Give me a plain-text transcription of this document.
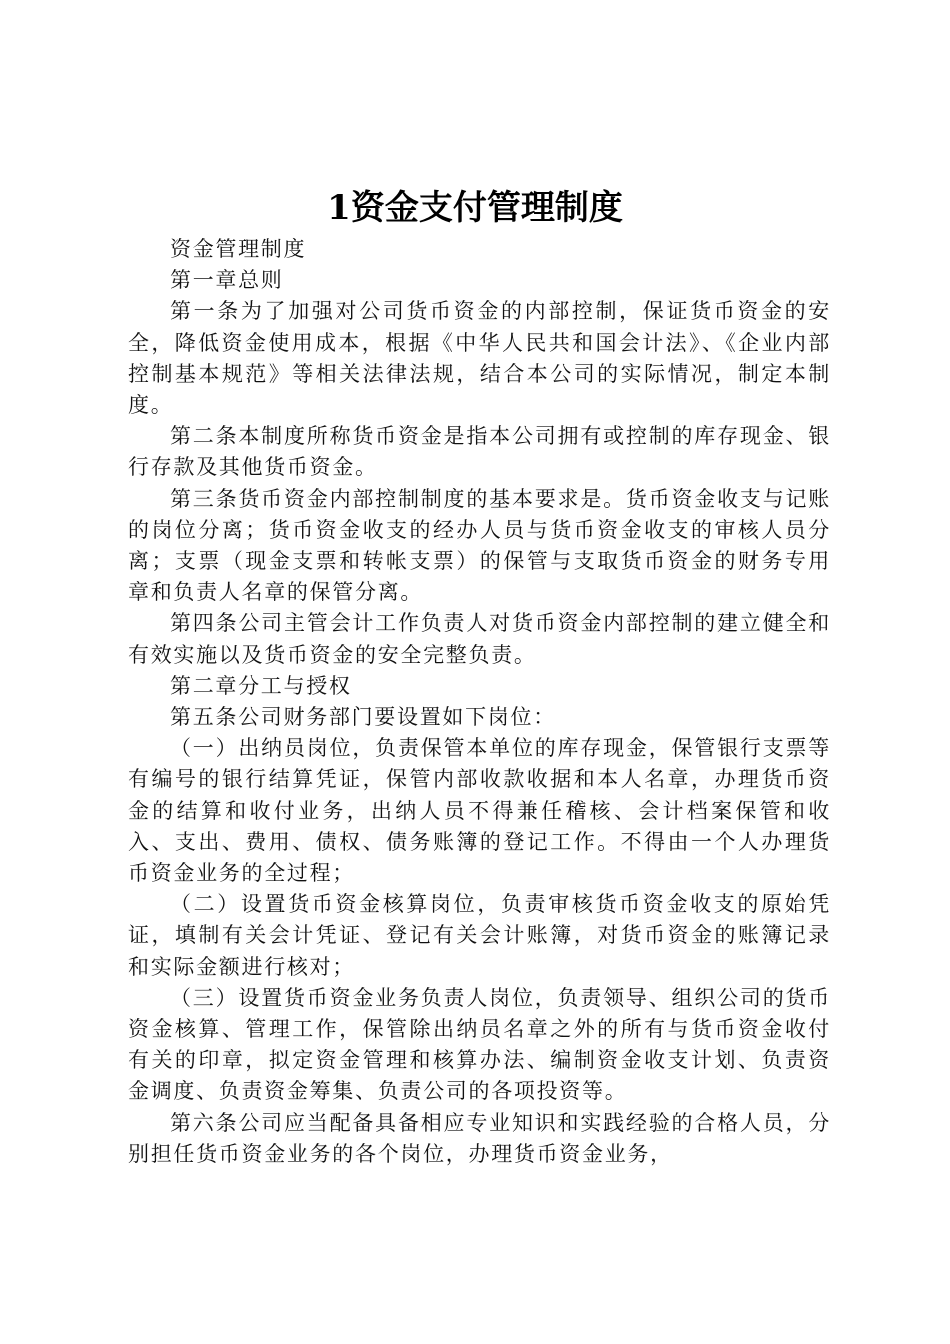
1资金支付管理制度

资金管理制度

第一章总则

第一条为了加强对公司货币资金的内部控制，保证货币资金的安全，降低资金使用成本，根据《中华人民共和国会计法》、《企业内部控制基本规范》等相关法律法规，结合本公司的实际情况，制定本制度。

第二条本制度所称货币资金是指本公司拥有或控制的库存现金、银行存款及其他货币资金。

第三条货币资金内部控制制度的基本要求是。货币资金收支与记账的岗位分离；货币资金收支的经办人员与货币资金收支的审核人员分离；支票（现金支票和转帐支票）的保管与支取货币资金的财务专用章和负责人名章的保管分离。

第四条公司主管会计工作负责人对货币资金内部控制的建立健全和有效实施以及货币资金的安全完整负责。

第二章分工与授权

第五条公司财务部门要设置如下岗位：

（一）出纳员岗位，负责保管本单位的库存现金，保管银行支票等有编号的银行结算凭证，保管内部收款收据和本人名章，办理货币资金的结算和收付业务，出纳人员不得兼任稽核、会计档案保管和收入、支出、费用、债权、债务账簿的登记工作。不得由一个人办理货币资金业务的全过程；

（二）设置货币资金核算岗位，负责审核货币资金收支的原始凭证，填制有关会计凭证、登记有关会计账簿，对货币资金的账簿记录和实际金额进行核对；

（三）设置货币资金业务负责人岗位，负责领导、组织公司的货币资金核算、管理工作，保管除出纳员名章之外的所有与货币资金收付有关的印章，拟定资金管理和核算办法、编制资金收支计划、负责资金调度、负责资金筹集、负责公司的各项投资等。

第六条公司应当配备具备相应专业知识和实践经验的合格人员，分别担任货币资金业务的各个岗位，办理货币资金业务，
